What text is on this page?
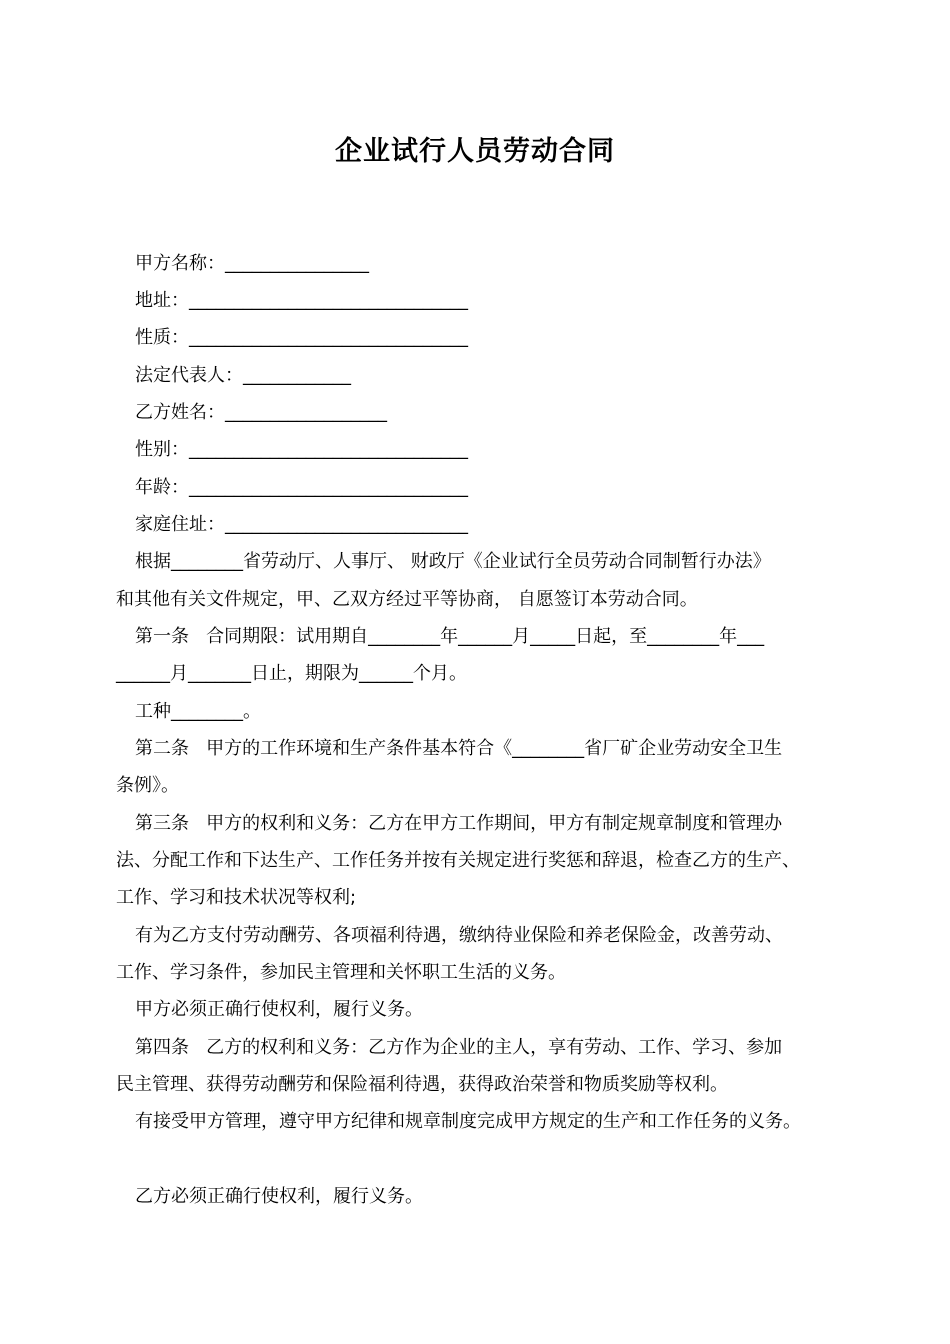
企业试行人员劳动合同
甲方名称：________________
地址：_______________________________
性质：_______________________________
法定代表人：____________
乙方姓名：__________________
性别：_______________________________
年龄：_______________________________
家庭住址：___________________________
根据________省劳动厅、人事厅、 财政厅《企业试行全员劳动合同制暂行办法》
和其他有关文件规定，甲、乙双方经过平等协商， 自愿签订本劳动合同。
第一条   合同期限：试用期自________年______月_____日起，至________年___
______月_______日止，期限为______个月。
工种________。
第二条   甲方的工作环境和生产条件基本符合《________省厂矿企业劳动安全卫生
条例》。
第三条   甲方的权利和义务：乙方在甲方工作期间，甲方有制定规章制度和管理办
法、分配工作和下达生产、工作任务并按有关规定进行奖惩和辞退，检查乙方的生产、
工作、学习和技术状况等权利;
有为乙方支付劳动酬劳、各项福利待遇，缴纳待业保险和养老保险金，改善劳动、
工作、学习条件，参加民主管理和关怀职工生活的义务。
甲方必须正确行使权利，履行义务。
第四条   乙方的权利和义务：乙方作为企业的主人，享有劳动、工作、学习、参加
民主管理、获得劳动酬劳和保险福利待遇，获得政治荣誉和物质奖励等权利。
有接受甲方管理，遵守甲方纪律和规章制度完成甲方规定的生产和工作任务的义务。
乙方必须正确行使权利，履行义务。
